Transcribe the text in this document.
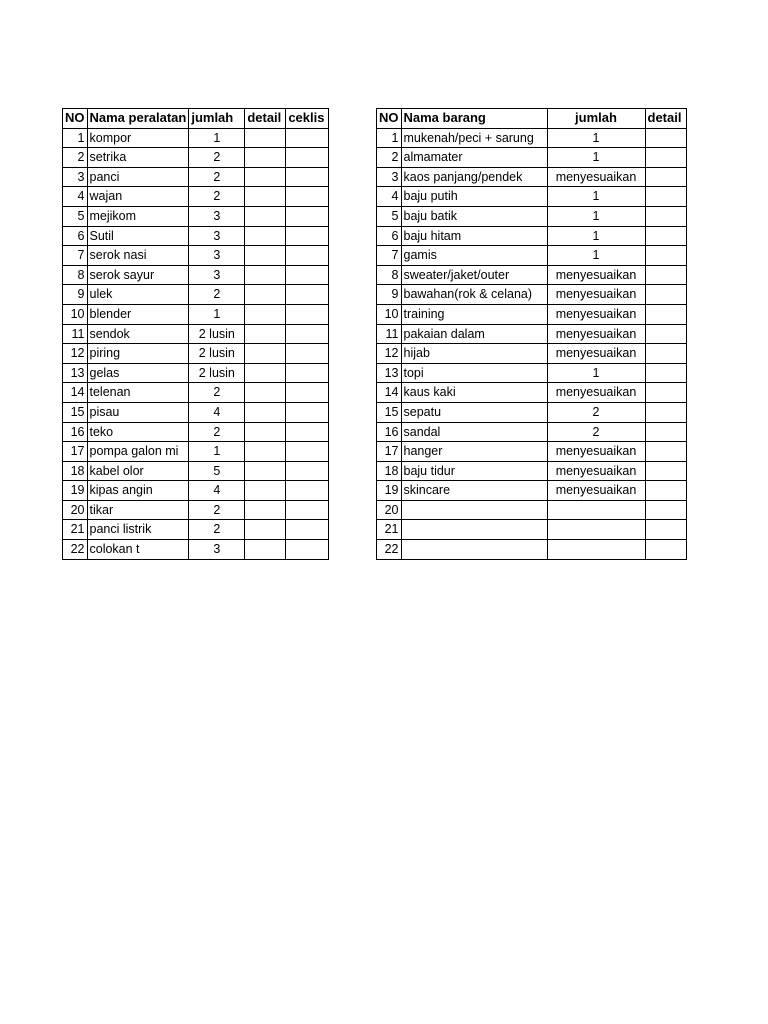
NO	Nama peralatan	jumlah	detail	ceklis
1	kompor	1		
2	setrika	2		
3	panci	2		
4	wajan	2		
5	mejikom	3		
6	Sutil	3		
7	serok nasi	3		
8	serok sayur	3		
9	ulek	2		
10	blender	1		
11	sendok	2 lusin		
12	piring	2 lusin		
13	gelas	2 lusin		
14	telenan	2		
15	pisau	4		
16	teko	2		
17	pompa galon mi	1		
18	kabel olor	5		
19	kipas angin	4		
20	tikar	2		
21	panci listrik	2		
22	colokan t	3		
NO	Nama barang	jumlah	detail
1	mukenah/peci + sarung	1	
2	almamater	1	
3	kaos panjang/pendek	menyesuaikan	
4	baju putih	1	
5	baju batik	1	
6	baju hitam	1	
7	gamis	1	
8	sweater/jaket/outer	menyesuaikan	
9	bawahan(rok & celana)	menyesuaikan	
10	training	menyesuaikan	
11	pakaian dalam	menyesuaikan	
12	hijab	menyesuaikan	
13	topi	1	
14	kaus kaki	menyesuaikan	
15	sepatu	2	
16	sandal	2	
17	hanger	menyesuaikan	
18	baju tidur	menyesuaikan	
19	skincare	menyesuaikan	
20			
21			
22			
